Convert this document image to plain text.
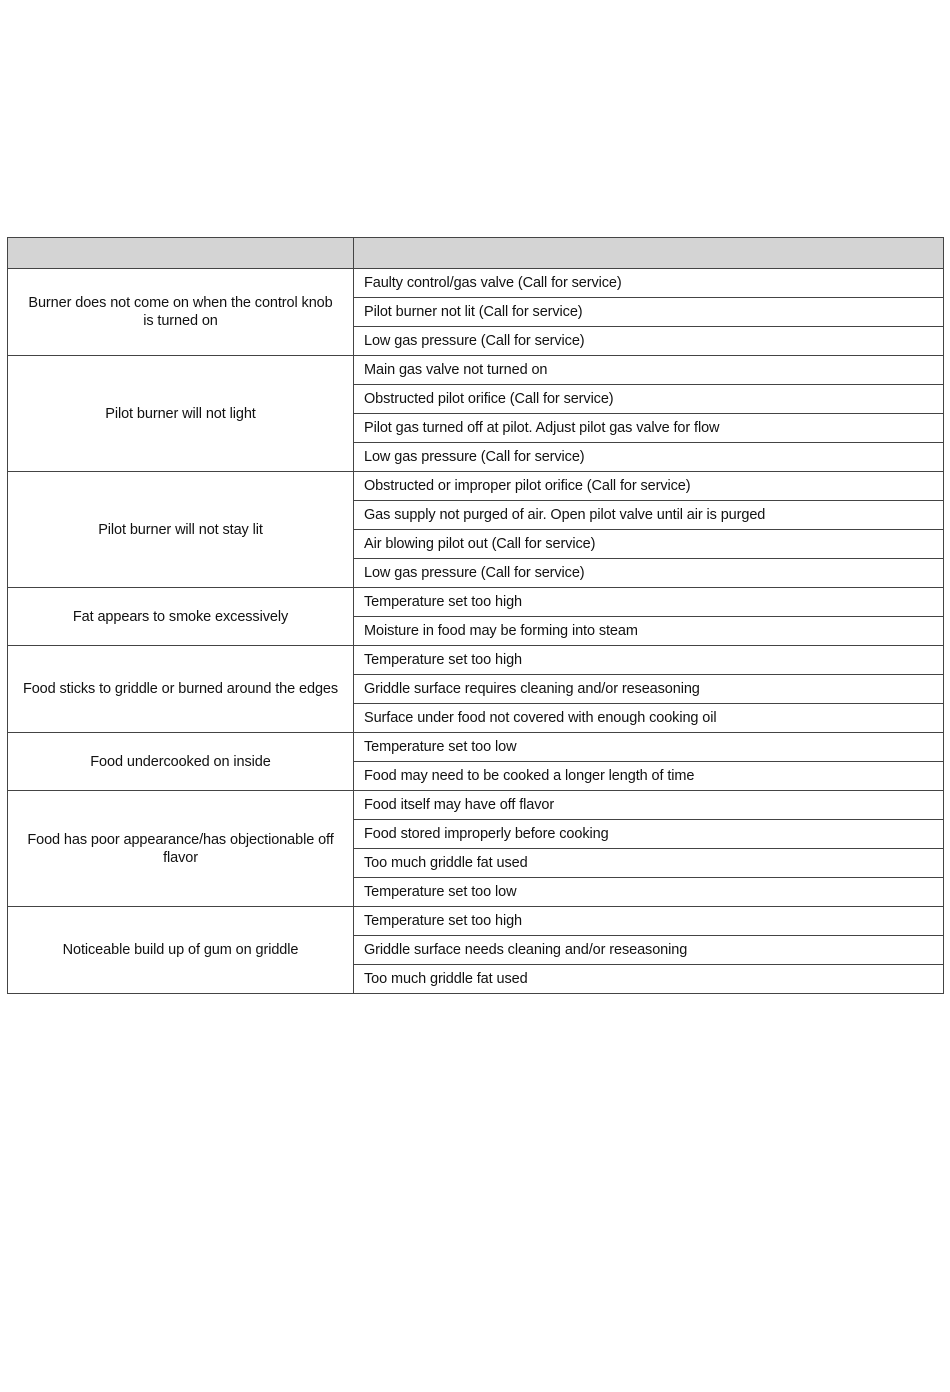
Burner does not come on when the control knob is turned on	Faulty control/gas valve (Call for service)
	Pilot burner not lit (Call for service)
	Low gas pressure (Call for service)
Pilot burner will not light	Main gas valve not turned on
	Obstructed pilot orifice (Call for service)
	Pilot gas turned off at pilot. Adjust pilot gas valve for flow
	Low gas pressure (Call for service)
Pilot burner will not stay lit	Obstructed or improper pilot orifice (Call for service)
	Gas supply not purged of air. Open pilot valve until air is purged
	Air blowing pilot out (Call for service)
	Low gas pressure (Call for service)
Fat appears to smoke excessively	Temperature set too high
	Moisture in food may be forming into steam
Food sticks to griddle or burned around the edges	Temperature set too high
	Griddle surface requires cleaning and/or reseasoning
	Surface under food not covered with enough cooking oil
Food undercooked on inside	Temperature set too low
	Food may need to be cooked a longer length of time
Food has poor appearance/has objectionable off flavor	Food itself may have off flavor
	Food stored improperly before cooking
	Too much griddle fat used
	Temperature set too low
Noticeable build up of gum on griddle	Temperature set too high
	Griddle surface needs cleaning and/or reseasoning
	Too much griddle fat used
